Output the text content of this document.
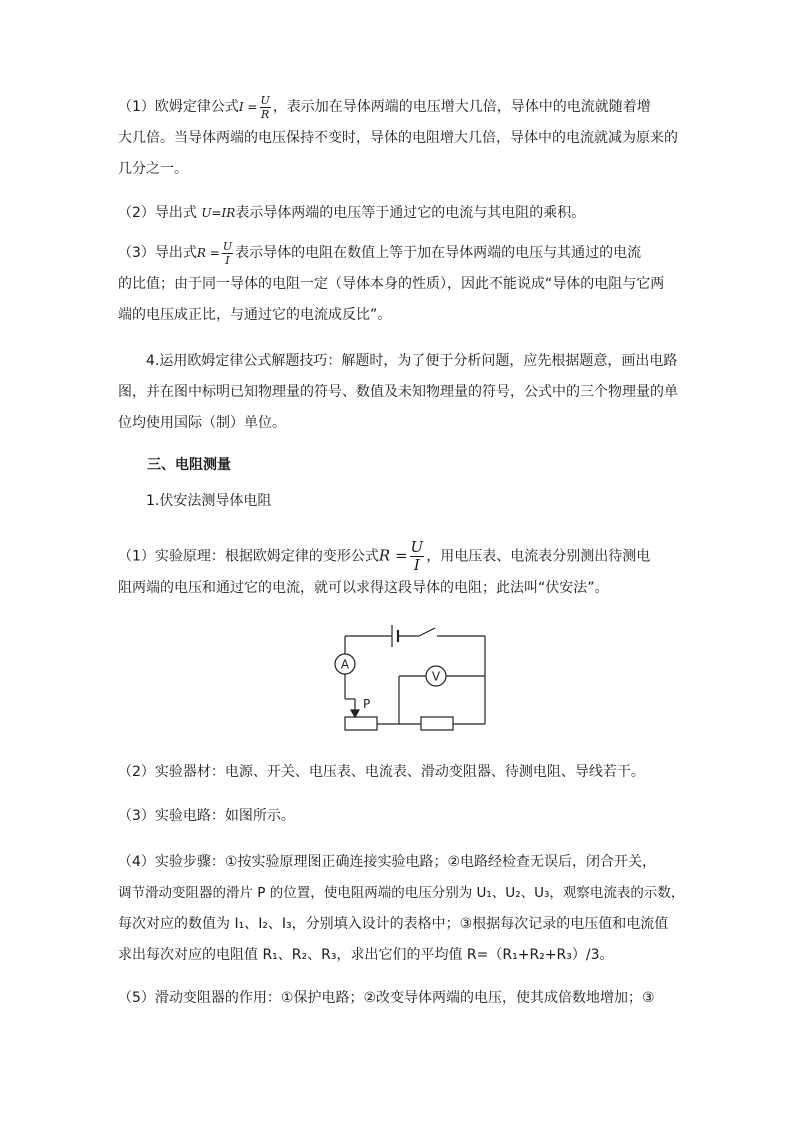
（1）欧姆定律公式$I = \frac{U}{R}$ ，表示加在导体两端的电压增大几倍，导体中的电流就随着增
大几倍。当导体两端的电压保持不变时，导体的电阻增大几倍，导体中的电流就减为原来的
几分之一。
（2）导出式 U=IR表示导体两端的电压等于通过它的电流与其电阻的乘积。
（3）导出式$R = \frac{U}{I}$ 表示导体的电阻在数值上等于加在导体两端的电压与其通过的电流
的比值；由于同一导体的电阻一定（导体本身的性质），因此不能说成“导体的电阻与它两
端的电压成正比，与通过它的电流成反比”。
4.运用欧姆定律公式解题技巧：解题时，为了便于分析问题，应先根据题意，画出电路
图，并在图中标明已知物理量的符号、数值及未知物理量的符号，公式中的三个物理量的单
位均使用国际（制）单位。
三、电阻测量
1.伏安法测导体电阻
（1）实验原理：根据欧姆定律的变形公式$R = \frac{U}{I}$ ，用电压表、电流表分别测出待测电
阻两端的电压和通过它的电流，就可以求得这段导体的电阻；此法叫“伏安法”。
A
V
P
（2）实验器材：电源、开关、电压表、电流表、滑动变阻器、待测电阻、导线若干。
（3）实验电路：如图所示。
（4）实验步骤：①按实验原理图正确连接实验电路；②电路经检查无误后，闭合开关，
调节滑动变阻器的滑片 P 的位置，使电阻两端的电压分别为 U₁、U₂、U₃，观察电流表的示数，
每次对应的数值为 I₁、I₂、I₃，分别填入设计的表格中；③根据每次记录的电压值和电流值
求出每次对应的电阻值 R₁、R₂、R₃，求出它们的平均值 R=（R₁+R₂+R₃）/3。
（5）滑动变阻器的作用：①保护电路；②改变导体两端的电压，使其成倍数地增加；③
